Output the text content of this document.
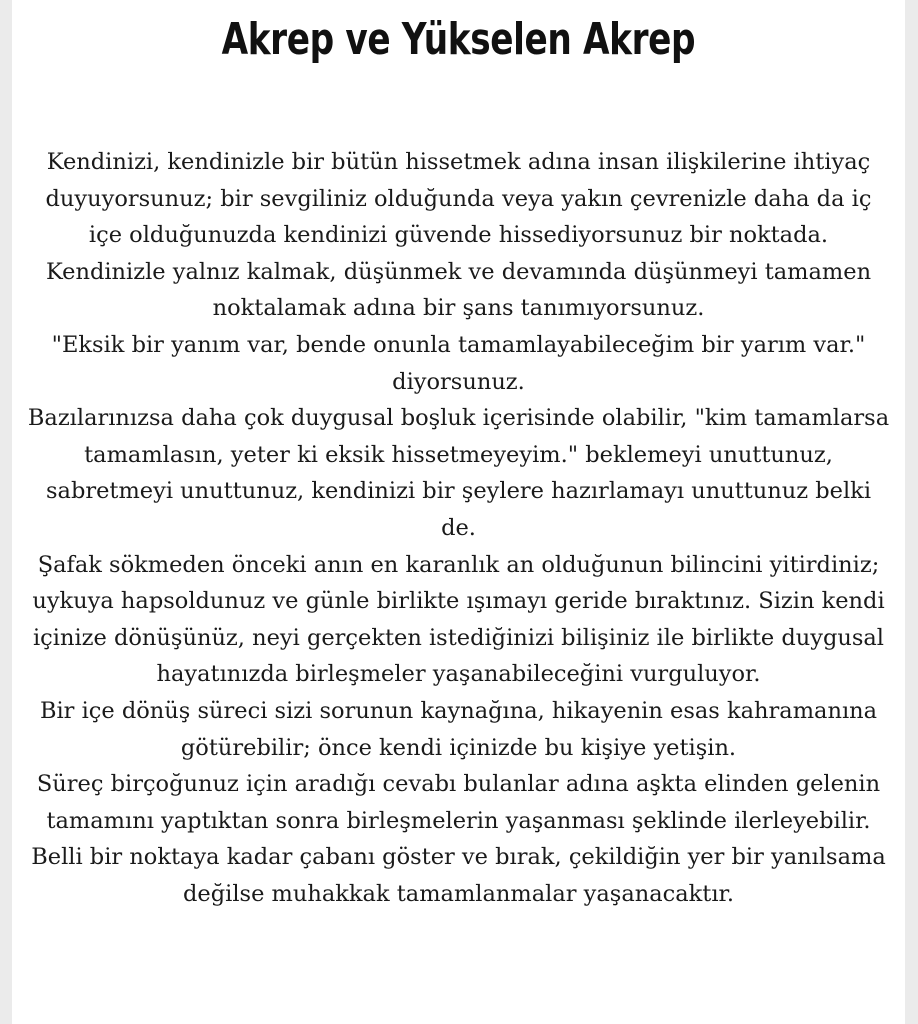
Akrep ve Yükselen Akrep

Kendinizi, kendinizle bir bütün hissetmek adına insan ilişkilerine ihtiyaç duyuyorsunuz; bir sevgiliniz olduğunda veya yakın çevrenizle daha da iç içe olduğunuzda kendinizi güvende hissediyorsunuz bir noktada.

Kendinizle yalnız kalmak, düşünmek ve devamında düşünmeyi tamamen noktalamak adına bir şans tanımıyorsunuz.

"Eksik bir yanım var, bende onunla tamamlayabileceğim bir yarım var." diyorsunuz.

Bazılarınızsa daha çok duygusal boşluk içerisinde olabilir, "kim tamamlarsa tamamlasın, yeter ki eksik hissetmeyeyim." beklemeyi unuttunuz, sabretmeyi unuttunuz, kendinizi bir şeylere hazırlamayı unuttunuz belki de.

Şafak sökmeden önceki anın en karanlık an olduğunun bilincini yitirdiniz; uykuya hapsoldunuz ve günle birlikte ışımayı geride bıraktınız. Sizin kendi içinize dönüşünüz, neyi gerçekten istediğinizi bilişiniz ile birlikte duygusal hayatınızda birleşmeler yaşanabileceğini vurguluyor.

Bir içe dönüş süreci sizi sorunun kaynağına, hikayenin esas kahramanına götürebilir; önce kendi içinizde bu kişiye yetişin.

Süreç birçoğunuz için aradığı cevabı bulanlar adına aşkta elinden gelenin tamamını yaptıktan sonra birleşmelerin yaşanması şeklinde ilerleyebilir.

Belli bir noktaya kadar çabanı göster ve bırak, çekildiğin yer bir yanılsama değilse muhakkak tamamlanmalar yaşanacaktır.
